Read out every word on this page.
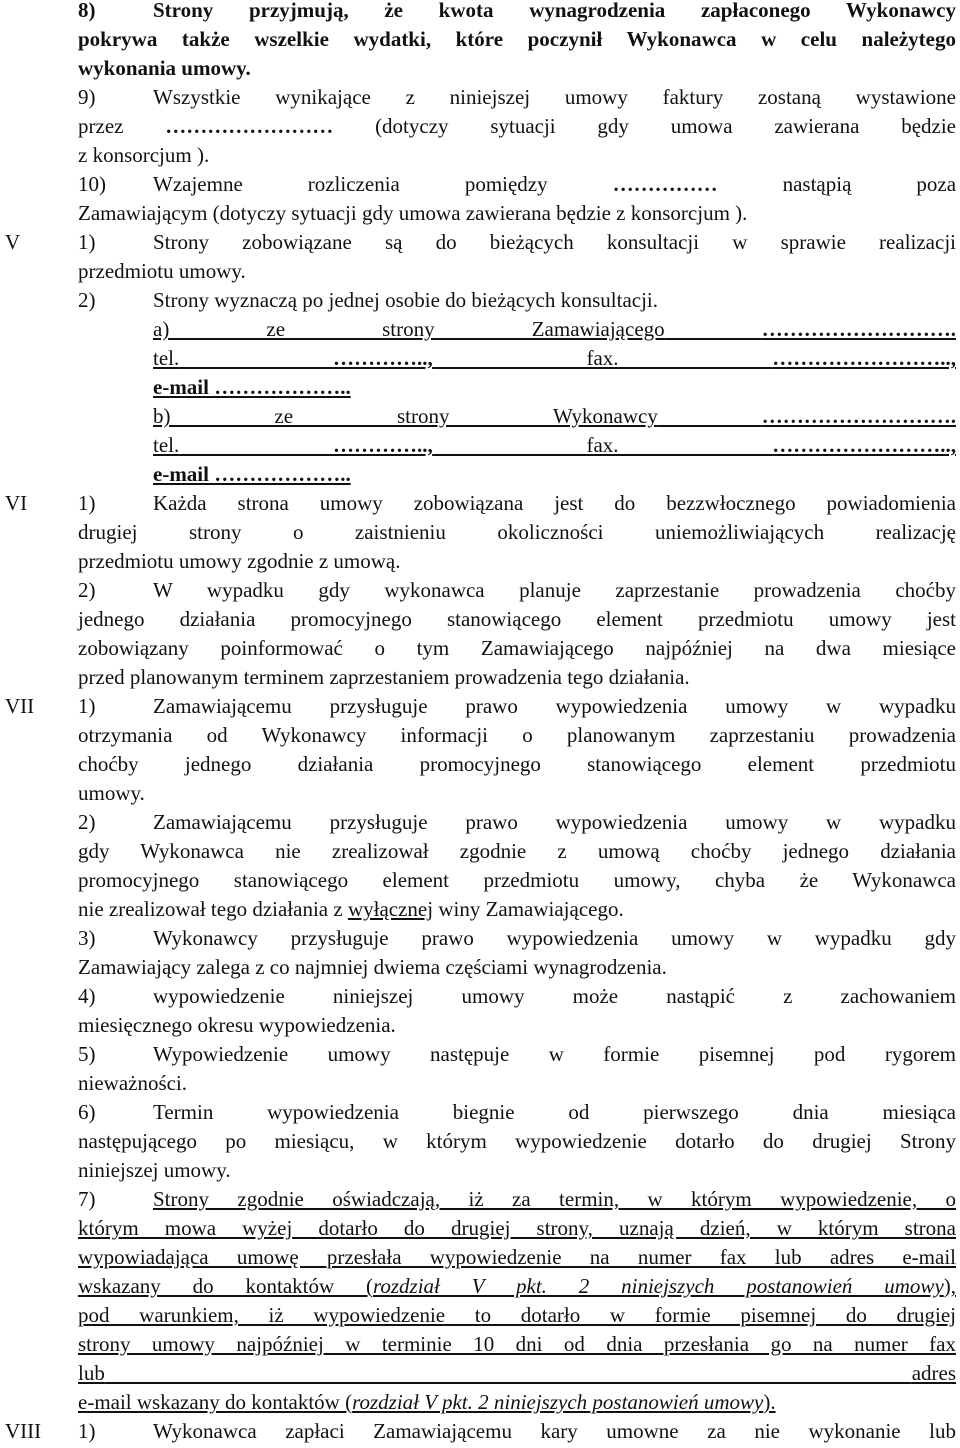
8)	Strony przyjmują, że kwota wynagrodzenia zapłaconego Wykonawcy
pokrywa także wszelkie wydatki, które poczynił Wykonawca w celu należytego
wykonania umowy.
9)	Wszystkie wynikające z niniejszej umowy faktury zostaną wystawione
przez …………………… (dotyczy sytuacji gdy umowa zawierana będzie
z konsorcjum ).
10) Wzajemne rozliczenia pomiędzy	……………	nastąpią poza
Zamawiającym (dotyczy sytuacji gdy umowa zawierana będzie z konsorcjum ).
V	1)	Strony zobowiązane są do bieżących konsultacji w sprawie realizacji
przedmiotu umowy.
2)	Strony wyznaczą po jednej osobie do bieżących konsultacji.
a) ze strony Zamawiającego	……………………….
tel.	…………..,	fax.	……………………..,
e-mail ………………..
b) ze strony Wykonawcy	……………………….
tel.	…………..,	fax.	……………………..,
e-mail ………………..
VI 1)	Każda strona umowy zobowiązana jest do bezzwłocznego powiadomienia
drugiej strony o zaistnieniu okoliczności uniemożliwiających realizację
przedmiotu umowy zgodnie z umową.
2)	W wypadku gdy wykonawca planuje zaprzestanie prowadzenia choćby
jednego działania promocyjnego stanowiącego element przedmiotu umowy jest
zobowiązany poinformować o tym Zamawiającego najpóźniej na dwa miesiące
przed planowanym terminem zaprzestaniem prowadzenia tego działania.
VII 1)	Zamawiającemu przysługuje prawo wypowiedzenia umowy w wypadku
otrzymania od Wykonawcy informacji o planowanym zaprzestaniu prowadzenia
choćby jednego działania promocyjnego stanowiącego element przedmiotu
umowy.
2)	Zamawiającemu przysługuje prawo wypowiedzenia umowy w wypadku
gdy Wykonawca nie zrealizował zgodnie z umową choćby jednego działania
promocyjnego stanowiącego element przedmiotu umowy, chyba że Wykonawca
nie zrealizował tego działania z wyłącznej winy Zamawiającego.
3)	Wykonawcy przysługuje prawo wypowiedzenia umowy w wypadku gdy
Zamawiający zalega z co najmniej dwiema częściami wynagrodzenia.
4)	wypowiedzenie niniejszej umowy może nastąpić z zachowaniem
miesięcznego okresu wypowiedzenia.
5)	Wypowiedzenie umowy następuje w formie pisemnej pod rygorem
nieważności.
6)	Termin wypowiedzenia biegnie od pierwszego dnia miesiąca
następującego po miesiącu, w którym wypowiedzenie dotarło do drugiej Strony
niniejszej umowy.
7)	Strony zgodnie oświadczają, iż za termin, w którym wypowiedzenie, o
którym mowa wyżej dotarło do drugiej strony, uznają dzień, w którym strona
wypowiadająca umowę przesłała wypowiedzenie na numer fax lub adres e-mail
wskazany do kontaktów (rozdział V pkt. 2 niniejszych postanowień umowy),
pod warunkiem, iż wypowiedzenie to dotarło w formie pisemnej do drugiej
strony umowy najpóźniej w terminie 10 dni od dnia przesłania go na numer fax
lub	adres
e-mail wskazany do kontaktów (rozdział V pkt. 2 niniejszych postanowień umowy).
VIII 1)	Wykonawca zapłaci Zamawiającemu kary umowne za nie wykonanie lub
